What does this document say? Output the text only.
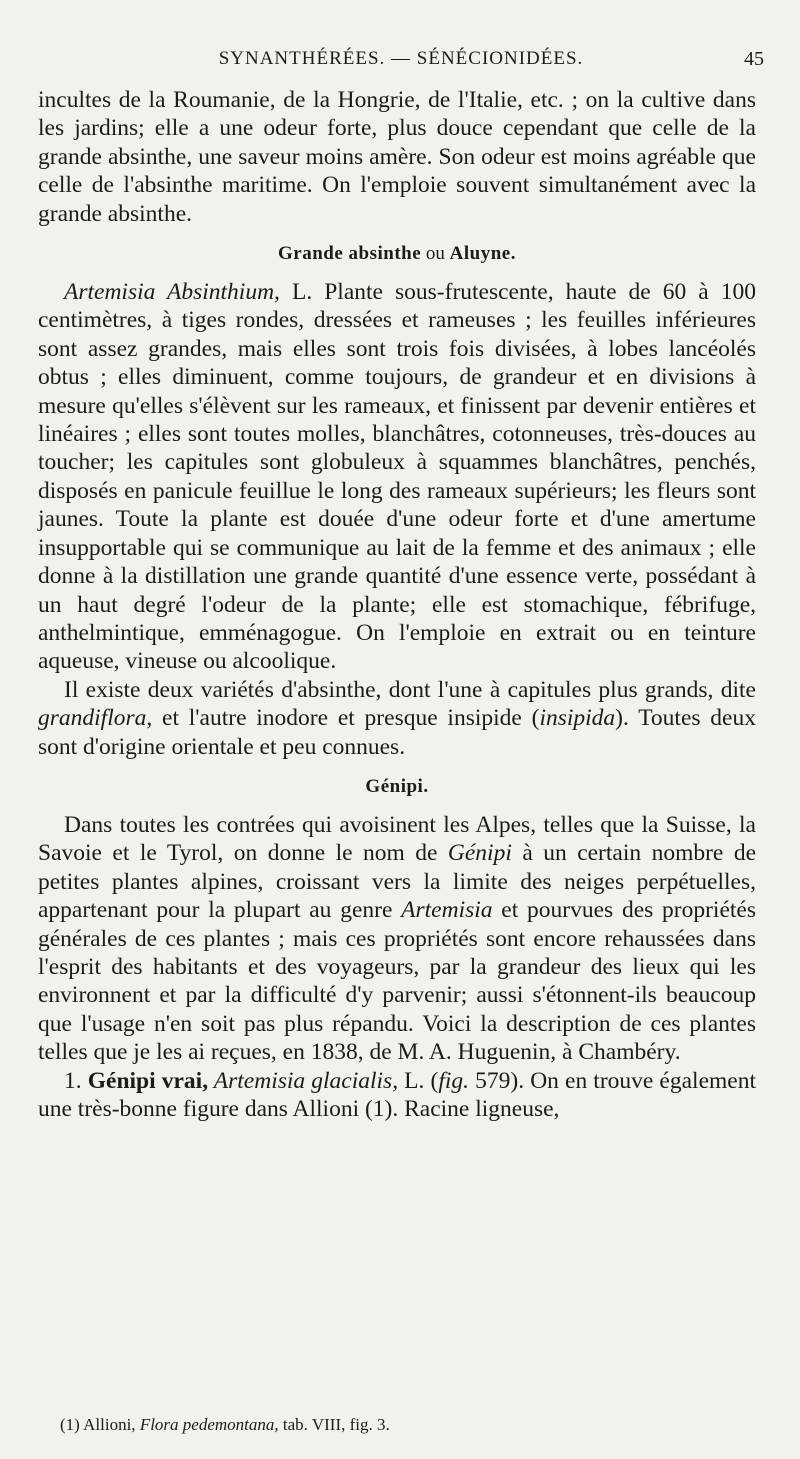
SYNANTHÉRÉES. — SÉNÉCIONIDÉES.	45

incultes de la Roumanie, de la Hongrie, de l'Italie, etc. ; on la cultive dans les jardins; elle a une odeur forte, plus douce cependant que celle de la grande absinthe, une saveur moins amère. Son odeur est moins agréable que celle de l'absinthe maritime. On l'emploie souvent simultanément avec la grande absinthe.

Grande absinthe ou Aluyne.

Artemisia Absinthium, L. Plante sous-frutescente, haute de 60 à 100 centimètres, à tiges rondes, dressées et rameuses ; les feuilles inférieures sont assez grandes, mais elles sont trois fois divisées, à lobes lancéolés obtus ; elles diminuent, comme toujours, de grandeur et en divisions à mesure qu'elles s'élèvent sur les rameaux, et finissent par devenir entières et linéaires ; elles sont toutes molles, blanchâtres, cotonneuses, très-douces au toucher; les capitules sont globuleux à squammes blanchâtres, penchés, disposés en panicule feuillue le long des rameaux supérieurs; les fleurs sont jaunes. Toute la plante est douée d'une odeur forte et d'une amertume insupportable qui se communique au lait de la femme et des animaux ; elle donne à la distillation une grande quantité d'une essence verte, possédant à un haut degré l'odeur de la plante; elle est stomachique, fébrifuge, anthelmintique, emménagogue. On l'emploie en extrait ou en teinture aqueuse, vineuse ou alcoolique.

Il existe deux variétés d'absinthe, dont l'une à capitules plus grands, dite grandiflora, et l'autre inodore et presque insipide (insipida). Toutes deux sont d'origine orientale et peu connues.

Génipi.

Dans toutes les contrées qui avoisinent les Alpes, telles que la Suisse, la Savoie et le Tyrol, on donne le nom de Génipi à un certain nombre de petites plantes alpines, croissant vers la limite des neiges perpétuelles, appartenant pour la plupart au genre Artemisia et pourvues des propriétés générales de ces plantes ; mais ces propriétés sont encore rehaussées dans l'esprit des habitants et des voyageurs, par la grandeur des lieux qui les environnent et par la difficulté d'y parvenir; aussi s'étonnent-ils beaucoup que l'usage n'en soit pas plus répandu. Voici la description de ces plantes telles que je les ai reçues, en 1838, de M. A. Huguenin, à Chambéry.

1. Génipi vrai, Artemisia glacialis, L. (fig. 579). On en trouve également une très-bonne figure dans Allioni (1). Racine ligneuse,

(1) Allioni, Flora pedemontana, tab. VIII, fig. 3.
